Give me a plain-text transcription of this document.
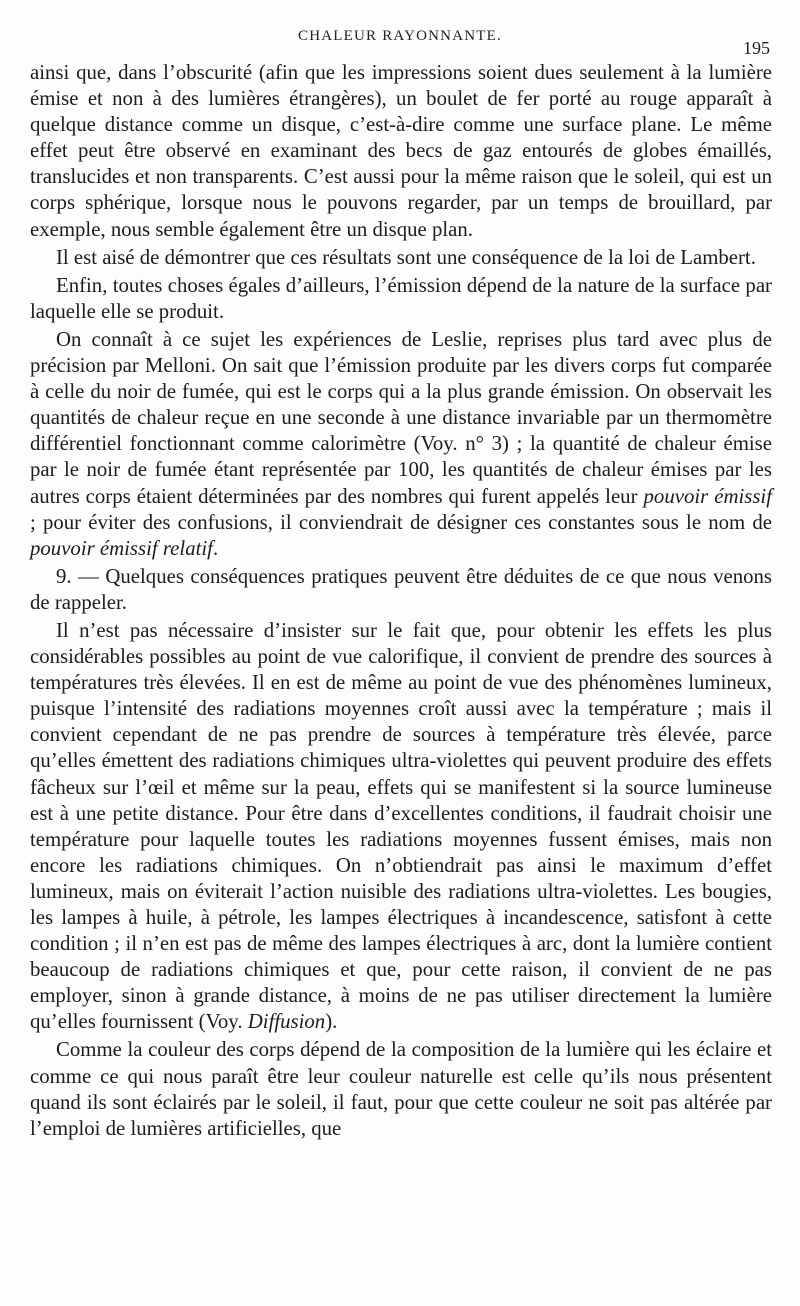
CHALEUR RAYONNANTE.
195

ainsi que, dans l’obscurité (afin que les impressions soient dues seulement à la lumière émise et non à des lumières étrangères), un boulet de fer porté au rouge apparaît à quelque distance comme un disque, c’est-à-dire comme une surface plane. Le même effet peut être observé en examinant des becs de gaz entourés de globes émaillés, translucides et non transparents. C’est aussi pour la même raison que le soleil, qui est un corps sphérique, lorsque nous le pouvons regarder, par un temps de brouillard, par exemple, nous semble également être un disque plan.

Il est aisé de démontrer que ces résultats sont une conséquence de la loi de Lambert.

Enfin, toutes choses égales d’ailleurs, l’émission dépend de la nature de la surface par laquelle elle se produit.

On connaît à ce sujet les expériences de Leslie, reprises plus tard avec plus de précision par Melloni. On sait que l’émission produite par les divers corps fut comparée à celle du noir de fumée, qui est le corps qui a la plus grande émission. On observait les quantités de chaleur reçue en une seconde à une distance invariable par un thermomètre différentiel fonctionnant comme calorimètre (Voy. n° 3) ; la quantité de chaleur émise par le noir de fumée étant représentée par 100, les quantités de chaleur émises par les autres corps étaient déterminées par des nombres qui furent appelés leur pouvoir émissif ; pour éviter des confusions, il conviendrait de désigner ces constantes sous le nom de pouvoir émissif relatif.

9. — Quelques conséquences pratiques peuvent être déduites de ce que nous venons de rappeler.

Il n’est pas nécessaire d’insister sur le fait que, pour obtenir les effets les plus considérables possibles au point de vue calorifique, il convient de prendre des sources à températures très élevées. Il en est de même au point de vue des phénomènes lumineux, puisque l’intensité des radiations moyennes croît aussi avec la température ; mais il convient cependant de ne pas prendre de sources à température très élevée, parce qu’elles émettent des radiations chimiques ultra-violettes qui peuvent produire des effets fâcheux sur l’œil et même sur la peau, effets qui se manifestent si la source lumineuse est à une petite distance. Pour être dans d’excellentes conditions, il faudrait choisir une température pour laquelle toutes les radiations moyennes fussent émises, mais non encore les radiations chimiques. On n’obtiendrait pas ainsi le maximum d’effet lumineux, mais on éviterait l’action nuisible des radiations ultra-violettes. Les bougies, les lampes à huile, à pétrole, les lampes électriques à incandescence, satisfont à cette condition ; il n’en est pas de même des lampes électriques à arc, dont la lumière contient beaucoup de radiations chimiques et que, pour cette raison, il convient de ne pas employer, sinon à grande distance, à moins de ne pas utiliser directement la lumière qu’elles fournissent (Voy. Diffusion).

Comme la couleur des corps dépend de la composition de la lumière qui les éclaire et comme ce qui nous paraît être leur couleur naturelle est celle qu’ils nous présentent quand ils sont éclairés par le soleil, il faut, pour que cette couleur ne soit pas altérée par l’emploi de lumières artificielles, que
